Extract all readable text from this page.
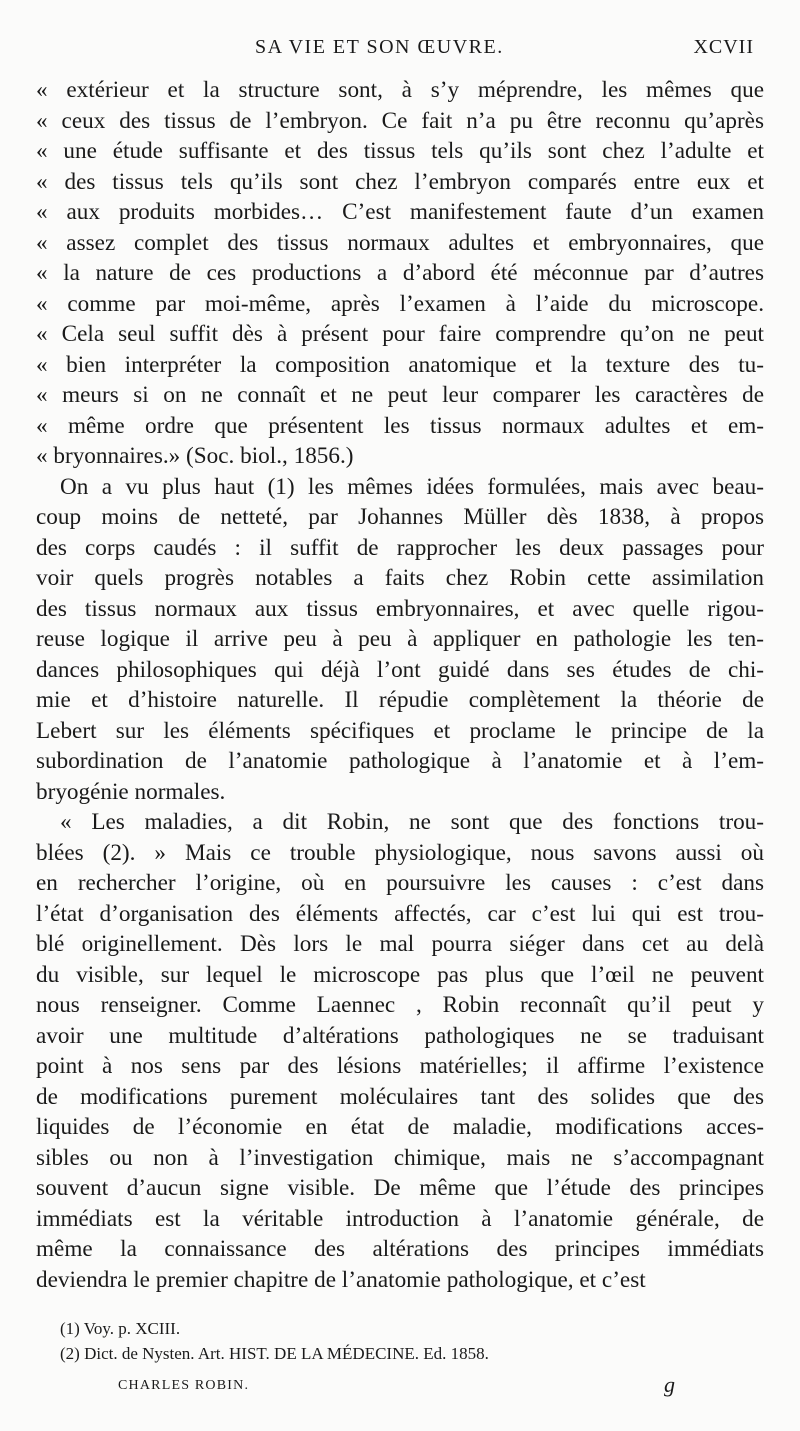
SA VIE ET SON ŒUVRE.	XCVII
« extérieur et la structure sont, à s’y méprendre, les mêmes que
« ceux des tissus de l’embryon. Ce fait n’a pu être reconnu qu’après
« une étude suffisante et des tissus tels qu’ils sont chez l’adulte et
« des tissus tels qu’ils sont chez l’embryon comparés entre eux et
« aux produits morbides… C’est manifestement faute d’un examen
« assez complet des tissus normaux adultes et embryonnaires, que
« la nature de ces productions a d’abord été méconnue par d’autres
« comme par moi-même, après l’examen à l’aide du microscope.
« Cela seul suffit dès à présent pour faire comprendre qu’on ne peut
« bien interpréter la composition anatomique et la texture des tu-
« meurs si on ne connaît et ne peut leur comparer les caractères de
« même ordre que présentent les tissus normaux adultes et em-
« bryonnaires.» (Soc. biol., 1856.)
On a vu plus haut (1) les mêmes idées formulées, mais avec beau-
coup moins de netteté, par Johannes Müller dès 1838, à propos
des corps caudés : il suffit de rapprocher les deux passages pour
voir quels progrès notables a faits chez Robin cette assimilation
des tissus normaux aux tissus embryonnaires, et avec quelle rigou-
reuse logique il arrive peu à peu à appliquer en pathologie les ten-
dances philosophiques qui déjà l’ont guidé dans ses études de chi-
mie et d’histoire naturelle. Il répudie complètement la théorie de
Lebert sur les éléments spécifiques et proclame le principe de la
subordination de l’anatomie pathologique à l’anatomie et à l’em-
bryogénie normales.
« Les maladies, a dit Robin, ne sont que des fonctions trou-
blées (2). » Mais ce trouble physiologique, nous savons aussi où
en rechercher l’origine, où en poursuivre les causes : c’est dans
l’état d’organisation des éléments affectés, car c’est lui qui est trou-
blé originellement. Dès lors le mal pourra siéger dans cet au delà
du visible, sur lequel le microscope pas plus que l’œil ne peuvent
nous renseigner. Comme Laennec , Robin reconnaît qu’il peut y
avoir une multitude d’altérations pathologiques ne se traduisant
point à nos sens par des lésions matérielles; il affirme l’existence
de modifications purement moléculaires tant des solides que des
liquides de l’économie en état de maladie, modifications acces-
sibles ou non à l’investigation chimique, mais ne s’accompagnant
souvent d’aucun signe visible. De même que l’étude des principes
immédiats est la véritable introduction à l’anatomie générale, de
même la connaissance des altérations des principes immédiats
deviendra le premier chapitre de l’anatomie pathologique, et c’est
(1) Voy. p. XCIII.
(2) Dict. de Nysten. Art. HIST. DE LA MÉDECINE. Ed. 1858.
CHARLES ROBIN.	g
